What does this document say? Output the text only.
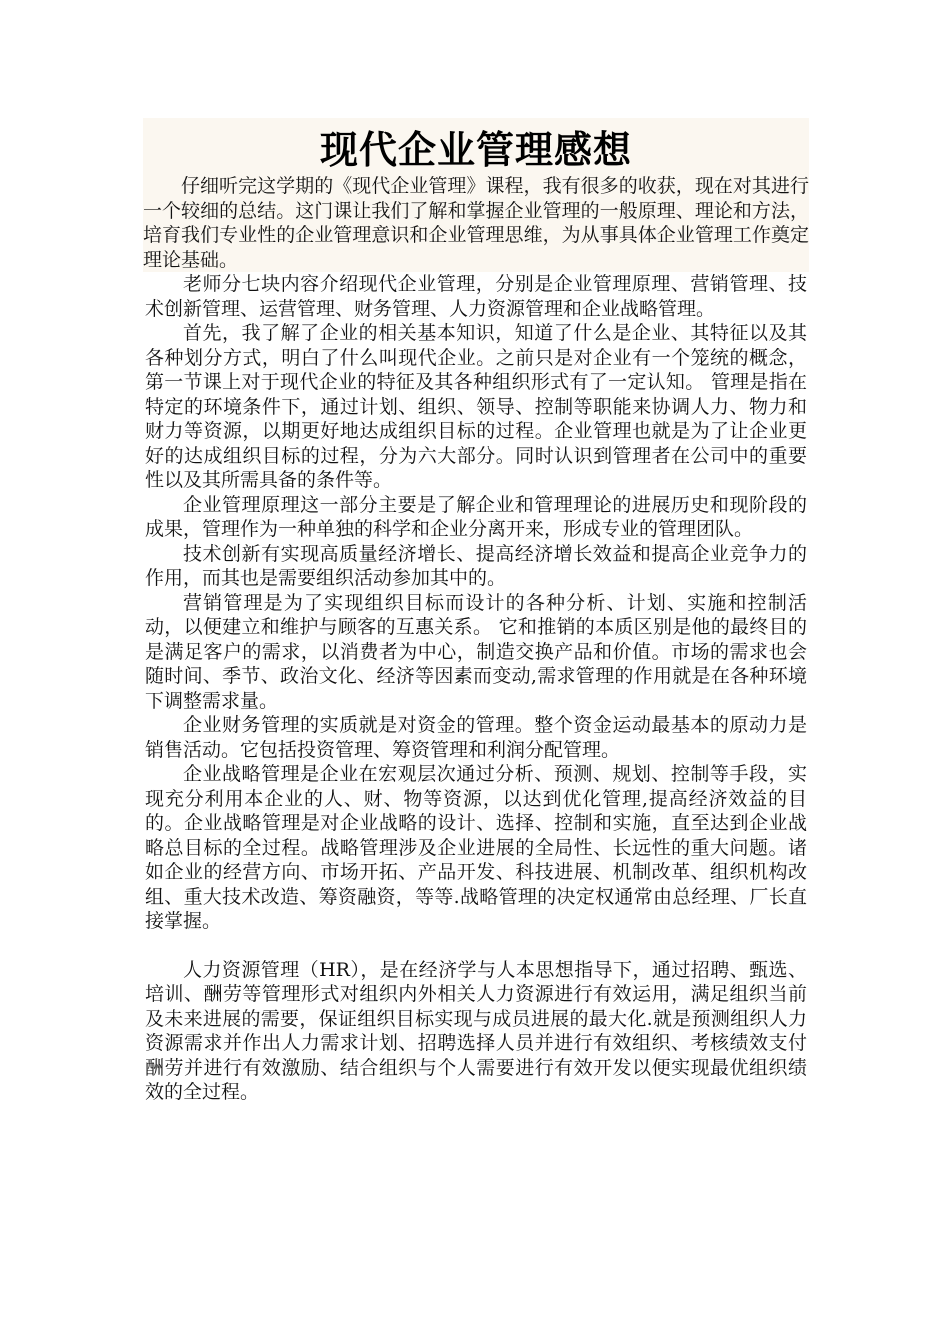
现代企业管理感想

仔细听完这学期的《现代企业管理》课程，我有很多的收获，现在对其进行一个较细的总结。这门课让我们了解和掌握企业管理的一般原理、理论和方法，培育我们专业性的企业管理意识和企业管理思维，为从事具体企业管理工作奠定理论基础。

老师分七块内容介绍现代企业管理，分别是企业管理原理、营销管理、技术创新管理、运营管理、财务管理、人力资源管理和企业战略管理。

首先，我了解了企业的相关基本知识，知道了什么是企业、其特征以及其各种划分方式，明白了什么叫现代企业。之前只是对企业有一个笼统的概念，第一节课上对于现代企业的特征及其各种组织形式有了一定认知。 管理是指在特定的环境条件下，通过计划、组织、领导、控制等职能来协调人力、物力和财力等资源，以期更好地达成组织目标的过程。企业管理也就是为了让企业更好的达成组织目标的过程，分为六大部分。同时认识到管理者在公司中的重要性以及其所需具备的条件等。

企业管理原理这一部分主要是了解企业和管理理论的进展历史和现阶段的成果，管理作为一种单独的科学和企业分离开来，形成专业的管理团队。

技术创新有实现高质量经济增长、提高经济增长效益和提高企业竞争力的作用，而其也是需要组织活动参加其中的。

营销管理是为了实现组织目标而设计的各种分析、计划、实施和控制活动，以便建立和维护与顾客的互惠关系。 它和推销的本质区别是他的最终目的是满足客户的需求，以消费者为中心，制造交换产品和价值。市场的需求也会随时间、季节、政治文化、经济等因素而变动,需求管理的作用就是在各种环境下调整需求量。

企业财务管理的实质就是对资金的管理。整个资金运动最基本的原动力是销售活动。它包括投资管理、筹资管理和利润分配管理。

企业战略管理是企业在宏观层次通过分析、预测、规划、控制等手段，实现充分利用本企业的人、财、物等资源，以达到优化管理,提高经济效益的目的。企业战略管理是对企业战略的设计、选择、控制和实施，直至达到企业战略总目标的全过程。战略管理涉及企业进展的全局性、长远性的重大问题。诸如企业的经营方向、市场开拓、产品开发、科技进展、机制改革、组织机构改 组、重大技术改造、筹资融资，等等.战略管理的决定权通常由总经理、厂长直接掌握。

人力资源管理（HR），是在经济学与人本思想指导下，通过招聘、甄选、培训、酬劳等管理形式对组织内外相关人力资源进行有效运用，满足组织当前及未来进展的需要，保证组织目标实现与成员进展的最大化.就是预测组织人力资源需求并作出人力需求计划、招聘选择人员并进行有效组织、考核绩效支付酬劳并进行有效激励、结合组织与个人需要进行有效开发以便实现最优组织绩效的全过程。
